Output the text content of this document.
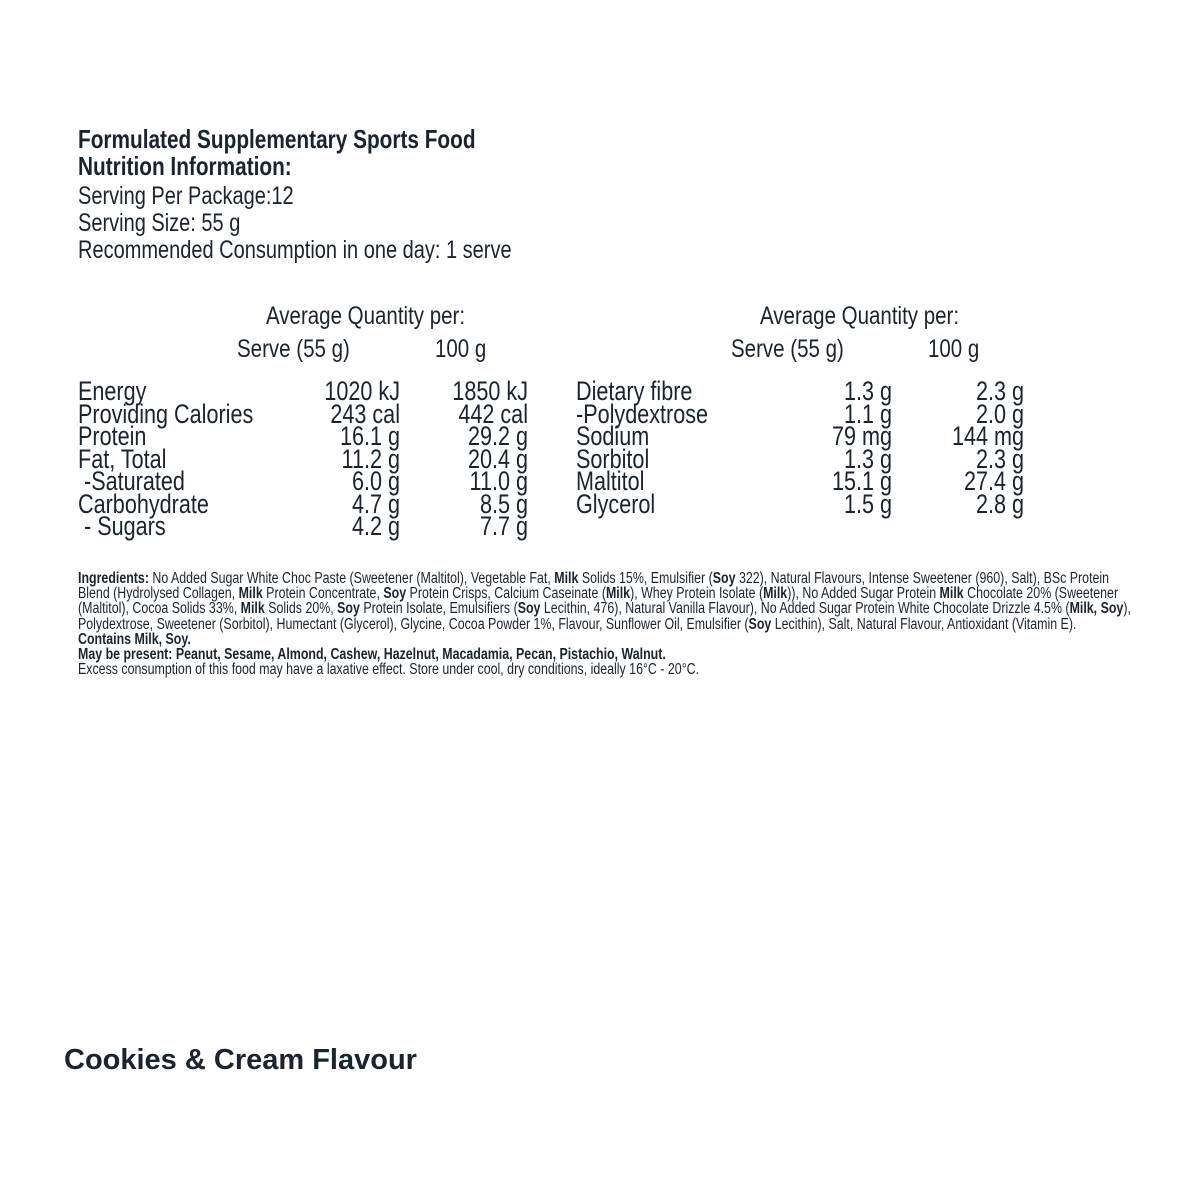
Formulated Supplementary Sports Food
Nutrition Information:
Serving Per Package:12
Serving Size: 55 g
Recommended Consumption in one day: 1 serve
Average Quantity per:
Serve (55 g)	100 g
Average Quantity per:
Serve (55 g)	100 g
Energy
Providing Calories
Protein
Fat, Total
-Saturated
Carbohydrate
- Sugars
1020 kJ
243 cal
16.1 g
11.2 g
6.0 g
4.7 g
4.2 g
1850 kJ
442 cal
29.2 g
20.4 g
11.0 g
8.5 g
7.7 g
Dietary fibre
-Polydextrose
Sodium
Sorbitol
Maltitol
Glycerol
1.3 g
1.1 g
79 mg
1.3 g
15.1 g
1.5 g
2.3 g
2.0 g
144 mg
2.3 g
27.4 g
2.8 g

Ingredients: No Added Sugar White Choc Paste (Sweetener (Maltitol), Vegetable Fat, Milk Solids 15%, Emulsifier (Soy 322), Natural Flavours, Intense Sweetener (960), Salt), BSc Protein Blend (Hydrolysed Collagen, Milk Protein Concentrate, Soy Protein Crisps, Calcium Caseinate (Milk), Whey Protein Isolate (Milk)), No Added Sugar Protein Milk Chocolate 20% (Sweetener (Maltitol), Cocoa Solids 33%, Milk Solids 20%, Soy Protein Isolate, Emulsifiers (Soy Lecithin, 476), Natural Vanilla Flavour), No Added Sugar Protein White Chocolate Drizzle 4.5% (Milk, Soy), Polydextrose, Sweetener (Sorbitol), Humectant (Glycerol), Glycine, Cocoa Powder 1%, Flavour, Sunflower Oil, Emulsifier (Soy Lecithin), Salt, Natural Flavour, Antioxidant (Vitamin E).

Contains Milk, Soy.

May be present: Peanut, Sesame, Almond, Cashew, Hazelnut, Macadamia, Pecan, Pistachio, Walnut.

Excess consumption of this food may have a laxative effect. Store under cool, dry conditions, ideally 16°C - 20°C.

Cookies & Cream Flavour
